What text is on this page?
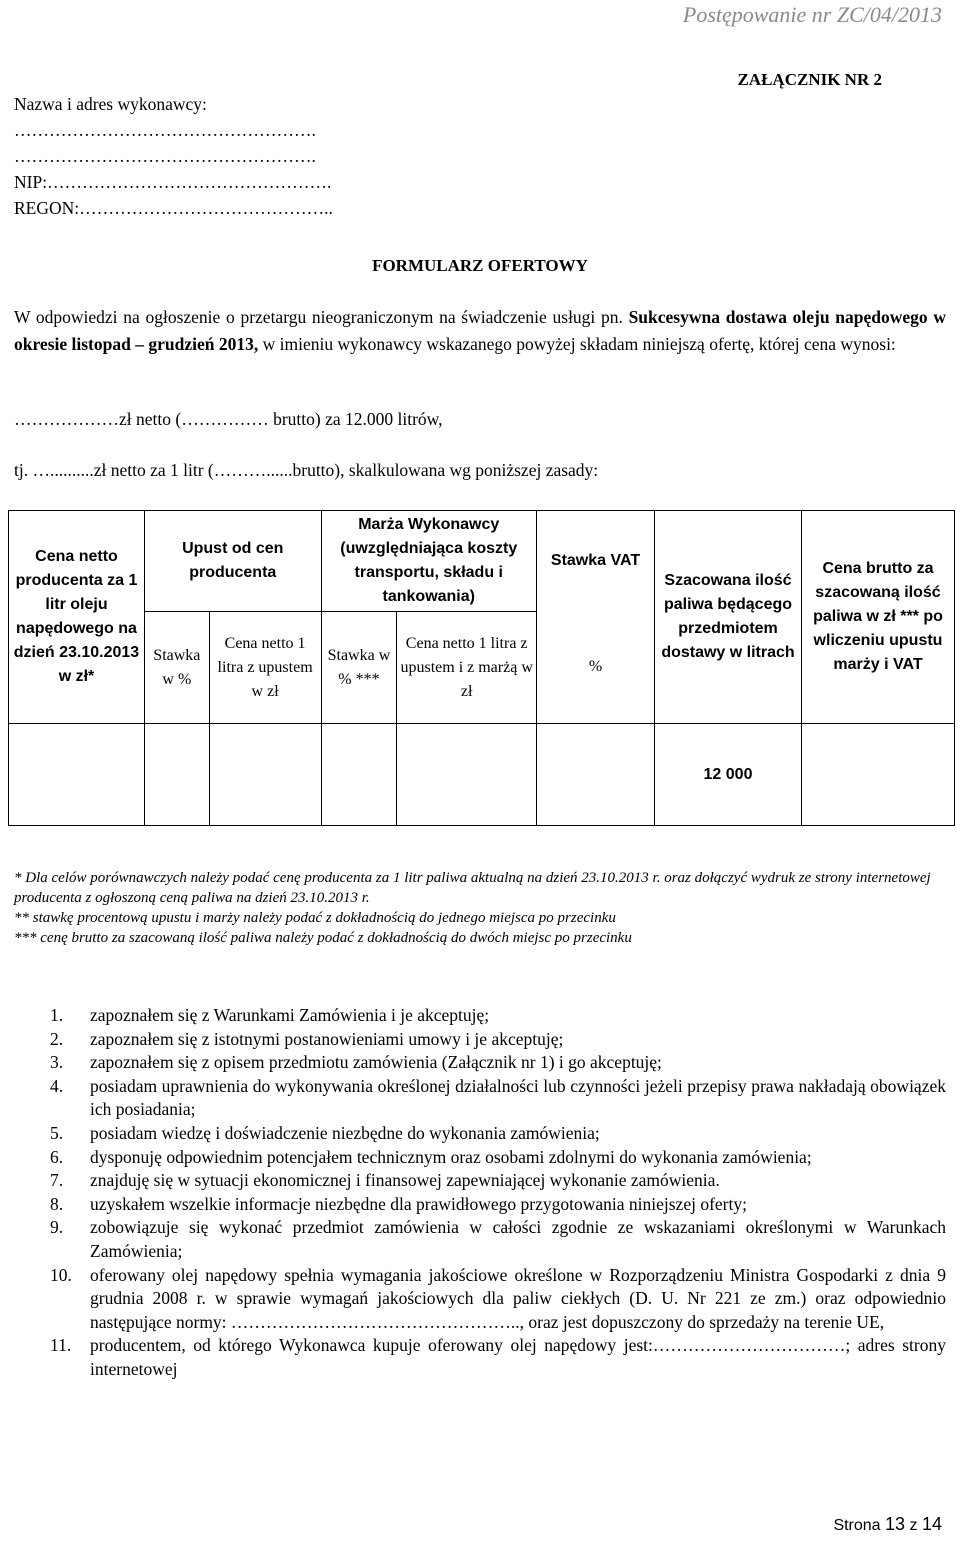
Postępowanie nr ZC/04/2013
ZAŁĄCZNIK NR 2
Nazwa i adres wykonawcy:
…………………………………………….
…………………………………………….
NIP:………………………………………….
REGON:……………………………………..
FORMULARZ OFERTOWY
W odpowiedzi na ogłoszenie o przetargu nieograniczonym na świadczenie usługi pn. Sukcesywna dostawa oleju napędowego w okresie listopad – grudzień 2013, w imieniu wykonawcy wskazanego powyżej składam niniejszą ofertę, której cena wynosi:
………………zł netto (…………… brutto) za 12.000 litrów,
tj. …..........zł netto za 1 litr (………......brutto), skalkulowana wg poniższej zasady:
Cena netto producenta za 1 litr oleju napędowego na dzień 23.10.2013 w zł*	Upust od cen producenta		Marża Wykonawcy (uwzględniająca koszty transportu, składu i tankowania)		Stawka VAT	Szacowana ilość paliwa będącego przedmiotem dostawy w litrach	Cena brutto za szacowaną ilość paliwa w zł *** po wliczeniu upustu marży i VAT
	Stawka w %	Cena netto 1 litra z upustem w zł	Stawka w % ***	Cena netto 1 litra z upustem i z marżą w zł	%		
						12 000	
* Dla celów porównawczych należy podać cenę producenta za 1 litr paliwa aktualną na dzień 23.10.2013 r. oraz dołączyć wydruk ze strony internetowej producenta z ogłoszoną ceną paliwa na dzień 23.10.2013 r.
** stawkę procentową upustu i marży należy podać z dokładnością do jednego miejsca po przecinku
*** cenę brutto za szacowaną ilość paliwa należy podać z dokładnością do dwóch miejsc po przecinku
1.	zapoznałem się z Warunkami Zamówienia i je akceptuję;
2.	zapoznałem się z istotnymi postanowieniami umowy i je akceptuję;
3.	zapoznałem się z opisem przedmiotu zamówienia (Załącznik nr 1) i go akceptuję;
4.	posiadam uprawnienia do wykonywania określonej działalności lub czynności jeżeli przepisy prawa nakładają obowiązek ich posiadania;
5.	posiadam wiedzę i doświadczenie niezbędne do wykonania zamówienia;
6.	dysponuję odpowiednim potencjałem technicznym oraz osobami zdolnymi do wykonania zamówienia;
7.	znajduję się w sytuacji ekonomicznej i finansowej zapewniającej wykonanie zamówienia.
8.	uzyskałem wszelkie informacje niezbędne dla prawidłowego przygotowania niniejszej oferty;
9.	zobowiązuje się wykonać przedmiot zamówienia w całości zgodnie ze wskazaniami określonymi w Warunkach Zamówienia;
10.	oferowany olej napędowy spełnia wymagania jakościowe określone w Rozporządzeniu Ministra Gospodarki z dnia 9 grudnia 2008 r. w sprawie wymagań jakościowych dla paliw ciekłych (D. U. Nr 221 ze zm.) oraz odpowiednio następujące normy: ………………………………………….., oraz jest dopuszczony do sprzedaży na terenie UE,
11.	producentem, od którego Wykonawca kupuje oferowany olej napędowy jest:……………………………; adres strony internetowej
Strona 13 z 14
